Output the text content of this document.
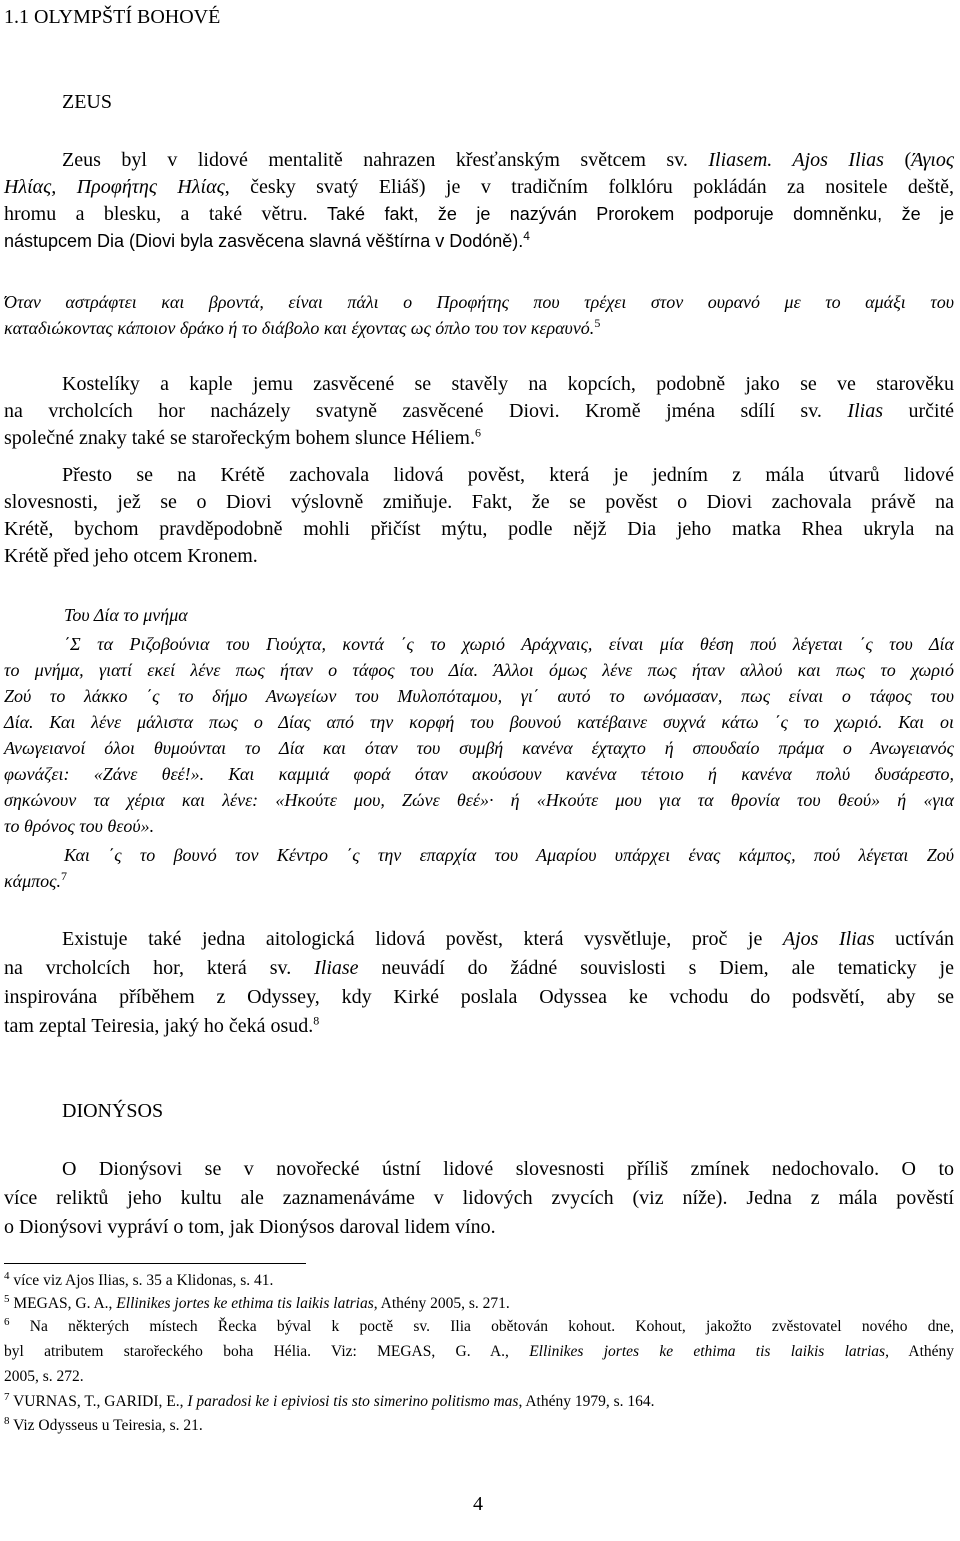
1.1 OLYMPŠTÍ BOHOVÉ
ZEUS
Zeus byl v lidové mentalitě nahrazen křesťanským světcem sv. Iliasem. Ajos Ilias (Άγιος
Ηλίας, Προφήτης Ηλίας, česky svatý Eliáš) je v tradičním folklóru pokládán za nositele deště,
hromu a blesku, a také větru. Také fakt, že je nazýván Prorokem podporuje domněnku, že je
nástupcem Dia (Diovi byla zasvěcena slavná věštírna v Dodóně).$^4$
Όταν αστράφτει και βροντά, είναι πάλι ο Προφήτης που τρέχει στον ουρανό με το αμάξι του
καταδιώκοντας κάποιον δράκο ή το διάβολο και έχοντας ως όπλο του τον κεραυνό.$^5$
Kostelíky a kaple jemu zasvěcené se stavěly na kopcích, podobně jako se ve starověku
na vrcholcích hor nacházely svatyně zasvěcené Diovi. Kromě jména sdílí sv. Ilias určité
společné znaky také se starořeckým bohem slunce Héliem.$^6$
Přesto se na Krétě zachovala lidová pověst, která je jedním z mála útvarů lidové
slovesnosti, jež se o Diovi výslovně zmiňuje. Fakt, že se pověst o Diovi zachovala právě na
Krétě, bychom pravděpodobně mohli přičíst mýtu, podle nějž Dia jeho matka Rhea ukryla na
Krétě před jeho otcem Kronem.
Του Δία το μνήμα
΄Σ τα Ριζοβούνια του Γιούχτα, κοντά ΄ς το χωριό Αράχναις, είναι μία θέση πού λέγεται ΄ς του Δία
το μνήμα, γιατί εκεί λένε πως ήταν ο τάφος του Δία. Άλλοι όμως λένε πως ήταν αλλού και πως το χωριό
Ζού το λάκκο ΄ς το δήμο Ανωγείων του Μυλοπόταμου, γι΄ αυτό το ωνόμασαν, πως είναι ο τάφος του
Δία. Και λένε μάλιστα πως ο Δίας από την κορφή του βουνού κατέβαινε συχνά κάτω ΄ς το χωριό. Και οι
Ανωγειανοί όλοι θυμούνται το Δία και όταν του συμβή κανένα έχταχτο ή σπουδαίο πράμα ο Ανωγειανός
φωνάζει: «Ζάνε θεέ!». Και καμμιά φορά όταν ακούσουν κανένα τέτοιο ή κανένα πολύ δυσάρεστο,
σηκώνουν τα χέρια και λένε: «Ηκούτε μου, Ζώνε θεέ»· ή «Ηκούτε μου για τα θρονία του θεού» ή «για
το θρόνος του θεού».
Και ΄ς το βουνό τον Κέντρο ΄ς την επαρχία του Αμαρίου υπάρχει ένας κάμπος, πού λέγεται Ζού
κάμπος.$^7$
Existuje také jedna aitologická lidová pověst, která vysvětluje, proč je Ajos Ilias uctíván
na vrcholcích hor, která sv. Iliase neuvádí do žádné souvislosti s Diem, ale tematicky je
inspirována příběhem z Odyssey, kdy Kirké poslala Odyssea ke vchodu do podsvětí, aby se
tam zeptal Teiresia, jaký ho čeká osud.$^8$
DIONÝSOS
O Dionýsovi se v novořecké ústní lidové slovesnosti příliš zmínek nedochovalo. O to
více reliktů jeho kultu ale zaznamenáváme v lidových zvycích (viz níže). Jedna z mála pověstí
o Dionýsovi vypráví o tom, jak Dionýsos daroval lidem víno.
$^4$ více viz Ajos Ilias, s. 35 a Klidonas, s. 41.
$^5$ MEGAS, G. A., Ellinikes jortes ke ethima tis laikis latrias, Athény 2005, s. 271.
$^6$ Na některých místech Řecka býval k poctě sv. Ilia obětován kohout. Kohout, jakožto zvěstovatel nového dne,
byl atributem starořeckého boha Hélia. Viz: MEGAS, G. A., Ellinikes jortes ke ethima tis laikis latrias, Athény
2005, s. 272.
$^7$ VURNAS, T., GARIDI, E., I paradosi ke i epiviosi tis sto simerino politismo mas, Athény 1979, s. 164.
$^8$ Viz Odysseus u Teiresia, s. 21.
4
